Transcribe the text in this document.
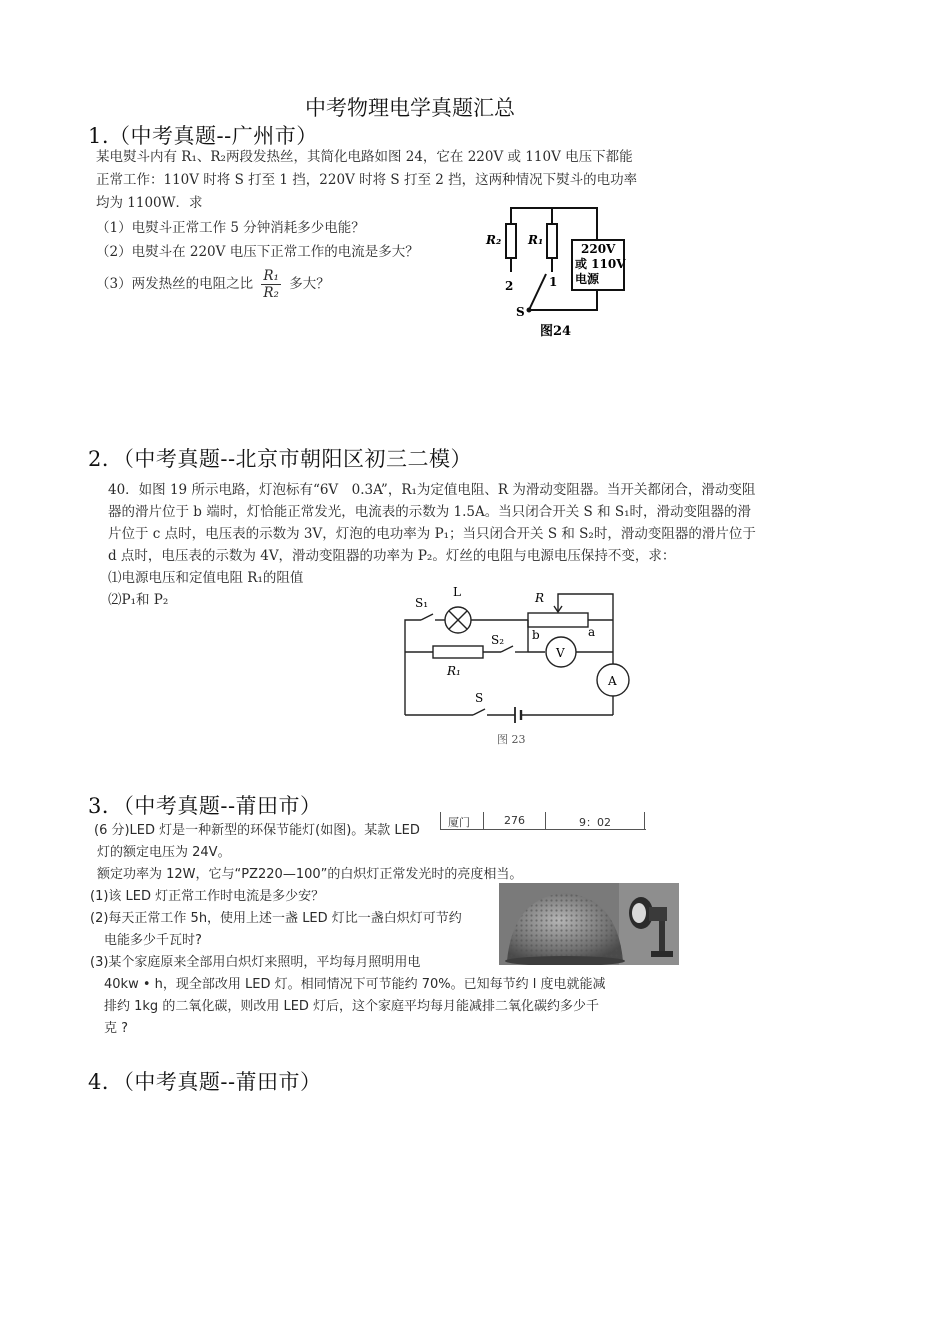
中考物理电学真题汇总
1.（中考真题--广州市）
某电熨斗内有 R₁、R₂两段发热丝，其简化电路如图 24，它在 220V 或 110V 电压下都能
正常工作：110V 时将 S 打至 1 挡，220V 时将 S 打至 2 挡，这两种情况下熨斗的电功率
均为 1100W．求
（1）电熨斗正常工作 5 分钟消耗多少电能？
（2）电熨斗在 220V 电压下正常工作的电流是多大？
（3）两发热丝的电阻之比 $\frac{\text{R₁}}{\text{R₂}}$ 多大？
R₂ R₁
220V
或 110V
电源
2	1
S
图24
2．（中考真题--北京市朝阳区初三二模）
40．如图 19 所示电路，灯泡标有“6V　0.3A”，R₁为定值电阻、R 为滑动变阻器。当开关都闭合，滑动变阻
器的滑片位于 b 端时，灯恰能正常发光，电流表的示数为 1.5A。当只闭合开关 S 和 S₁时，滑动变阻器的滑
片位于 c 点时，电压表的示数为 3V，灯泡的电功率为 P₁；当只闭合开关 S 和 S₂时，滑动变阻器的滑片位于
d 点时，电压表的示数为 4V，滑动变阻器的功率为 P₂。灯丝的电阻与电源电压保持不变，求：
⑴电源电压和定值电阻 R₁的阻值
⑵P₁和 P₂	S₁
L	R
b	a
S₂
V
R₁
A
S
图 23
3．（中考真题--莆田市）
厦门	276	9：02
(6 分)LED 灯是一种新型的环保节能灯(如图)。某款 LED
灯的额定电压为 24V。
额定功率为 12W，它与“PZ220—100”的白炽灯正常发光时的亮度相当。
(1)该 LED 灯正常工作时电流是多少安？
(2)每天正常工作 5h，使用上述一盏 LED 灯比一盏白炽灯可节约
电能多少千瓦时?
(3)某个家庭原来全部用白炽灯来照明，平均每月照明用电
40kw • h，现全部改用 LED 灯。相同情况下可节能约 70%。已知每节约 l 度电就能减
排约 1kg 的二氧化碳，则改用 LED 灯后，这个家庭平均每月能减排二氧化碳约多少千
克 ?
4．（中考真题--莆田市）
